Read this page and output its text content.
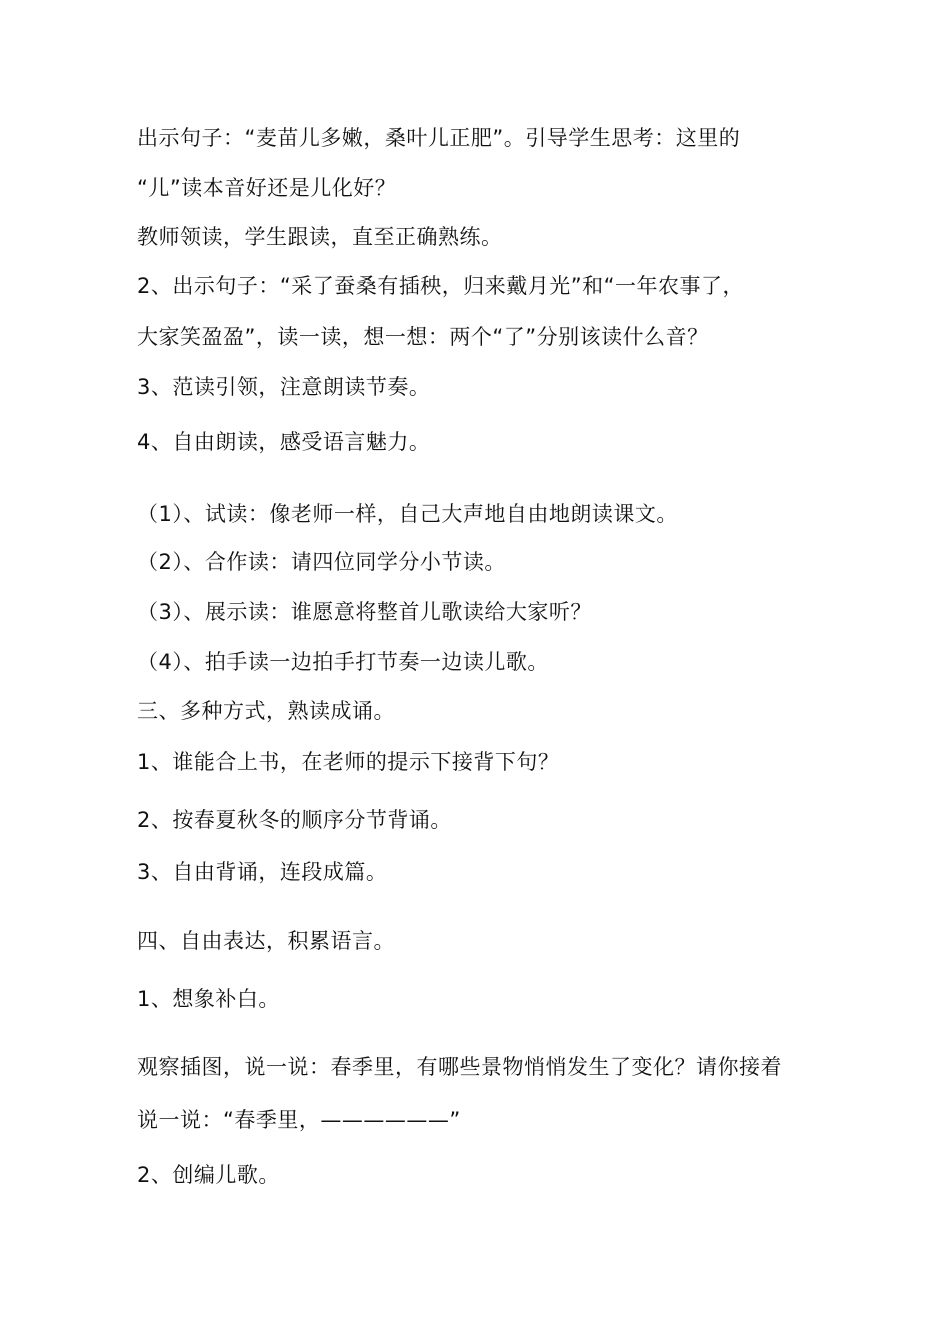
出示句子：“麦苗儿多嫩，桑叶儿正肥”。引导学生思考：这里的
“儿”读本音好还是儿化好？
教师领读，学生跟读，直至正确熟练。
2、出示句子：“采了蚕桑有插秧，归来戴月光”和“一年农事了，
大家笑盈盈”，读一读，想一想：两个“了”分别该读什么音？
3、范读引领，注意朗读节奏。
4、自由朗读，感受语言魅力。
（1）、试读：像老师一样，自己大声地自由地朗读课文。
（2）、合作读：请四位同学分小节读。
（3）、展示读：谁愿意将整首儿歌读给大家听？
（4）、拍手读一边拍手打节奏一边读儿歌。
三、多种方式，熟读成诵。
1、谁能合上书，在老师的提示下接背下句？
2、按春夏秋冬的顺序分节背诵。
3、自由背诵，连段成篇。
四、自由表达，积累语言。
1、想象补白。
观察插图，说一说：春季里，有哪些景物悄悄发生了变化？请你接着
说一说：“春季里，——————”
2、创编儿歌。
